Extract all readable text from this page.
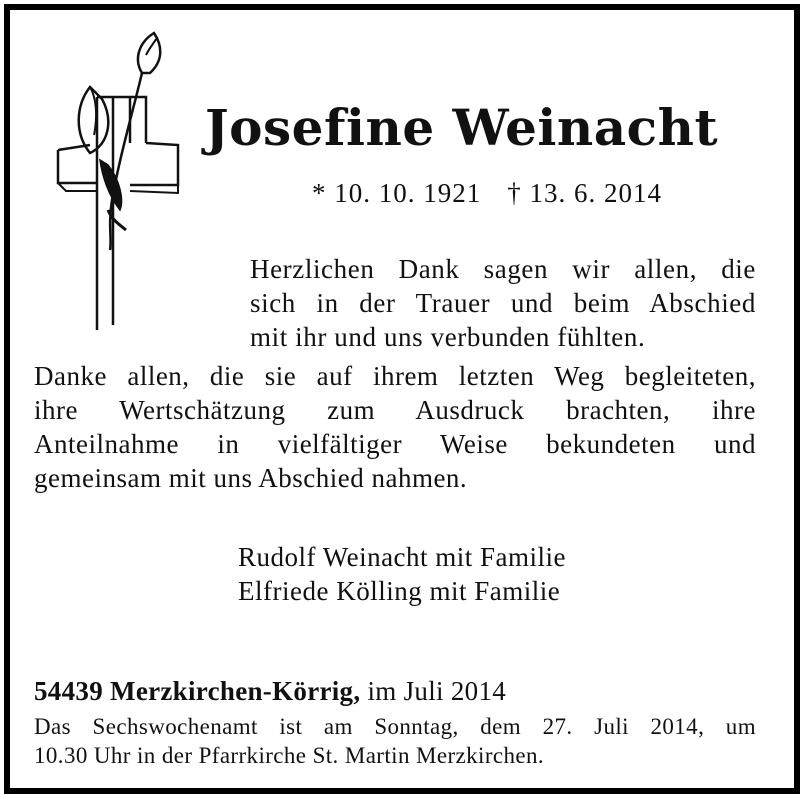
Josefine Weinacht
* 10. 10. 1921 † 13. 6. 2014
Herzlichen Dank sagen wir allen, die
sich in der Trauer und beim Abschied
mit ihr und uns verbunden fühlten.
Danke allen, die sie auf ihrem letzten Weg begleiteten,
ihre Wertschätzung zum Ausdruck brachten, ihre
Anteilnahme in vielfältiger Weise bekundeten und
gemeinsam mit uns Abschied nahmen.
Rudolf Weinacht mit Familie
Elfriede Kölling mit Familie
54439 Merzkirchen-Körrig, im Juli 2014
Das Sechswochenamt ist am Sonntag, dem 27. Juli 2014, um
10.30 Uhr in der Pfarrkirche St. Martin Merzkirchen.
